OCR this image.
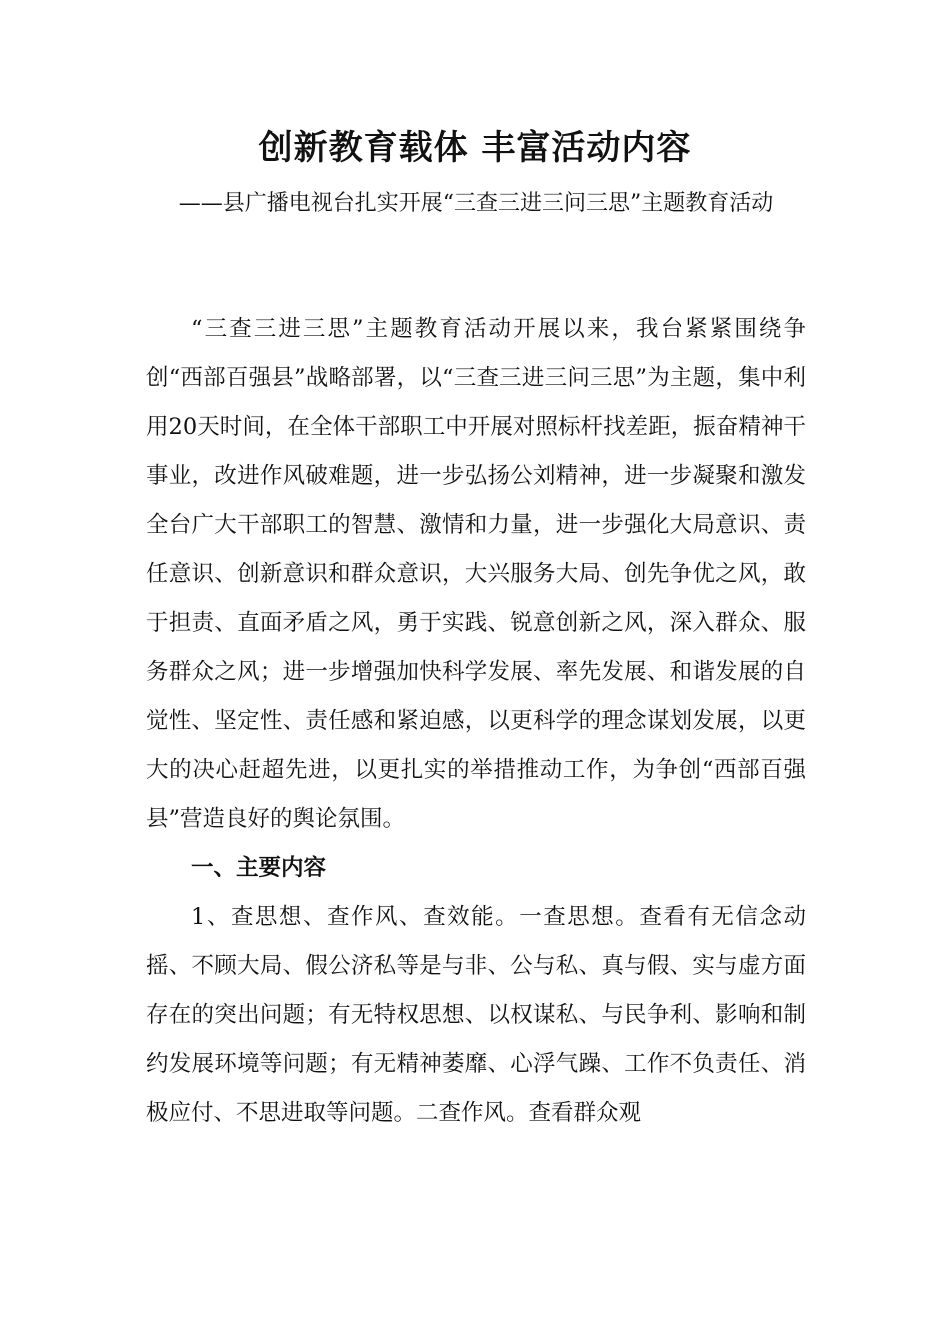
创新教育载体 丰富活动内容

——县广播电视台扎实开展“三查三进三问三思”主题教育活动

“三查三进三思”主题教育活动开展以来，我台紧紧围绕争创“西部百强县”战略部署，以“三查三进三问三思”为主题，集中利用20天时间，在全体干部职工中开展对照标杆找差距，振奋精神干事业，改进作风破难题，进一步弘扬公刘精神，进一步凝聚和激发全台广大干部职工的智慧、激情和力量，进一步强化大局意识、责任意识、创新意识和群众意识，大兴服务大局、创先争优之风，敢于担责、直面矛盾之风，勇于实践、锐意创新之风，深入群众、服务群众之风；进一步增强加快科学发展、率先发展、和谐发展的自觉性、坚定性、责任感和紧迫感，以更科学的理念谋划发展，以更大的决心赶超先进，以更扎实的举措推动工作，为争创“西部百强县”营造良好的舆论氛围。

一、主要内容

1、查思想、查作风、查效能。一查思想。查看有无信念动摇、不顾大局、假公济私等是与非、公与私、真与假、实与虚方面存在的突出问题；有无特权思想、以权谋私、与民争利、影响和制约发展环境等问题；有无精神萎靡、心浮气躁、工作不负责任、消极应付、不思进取等问题。二查作风。查看群众观
